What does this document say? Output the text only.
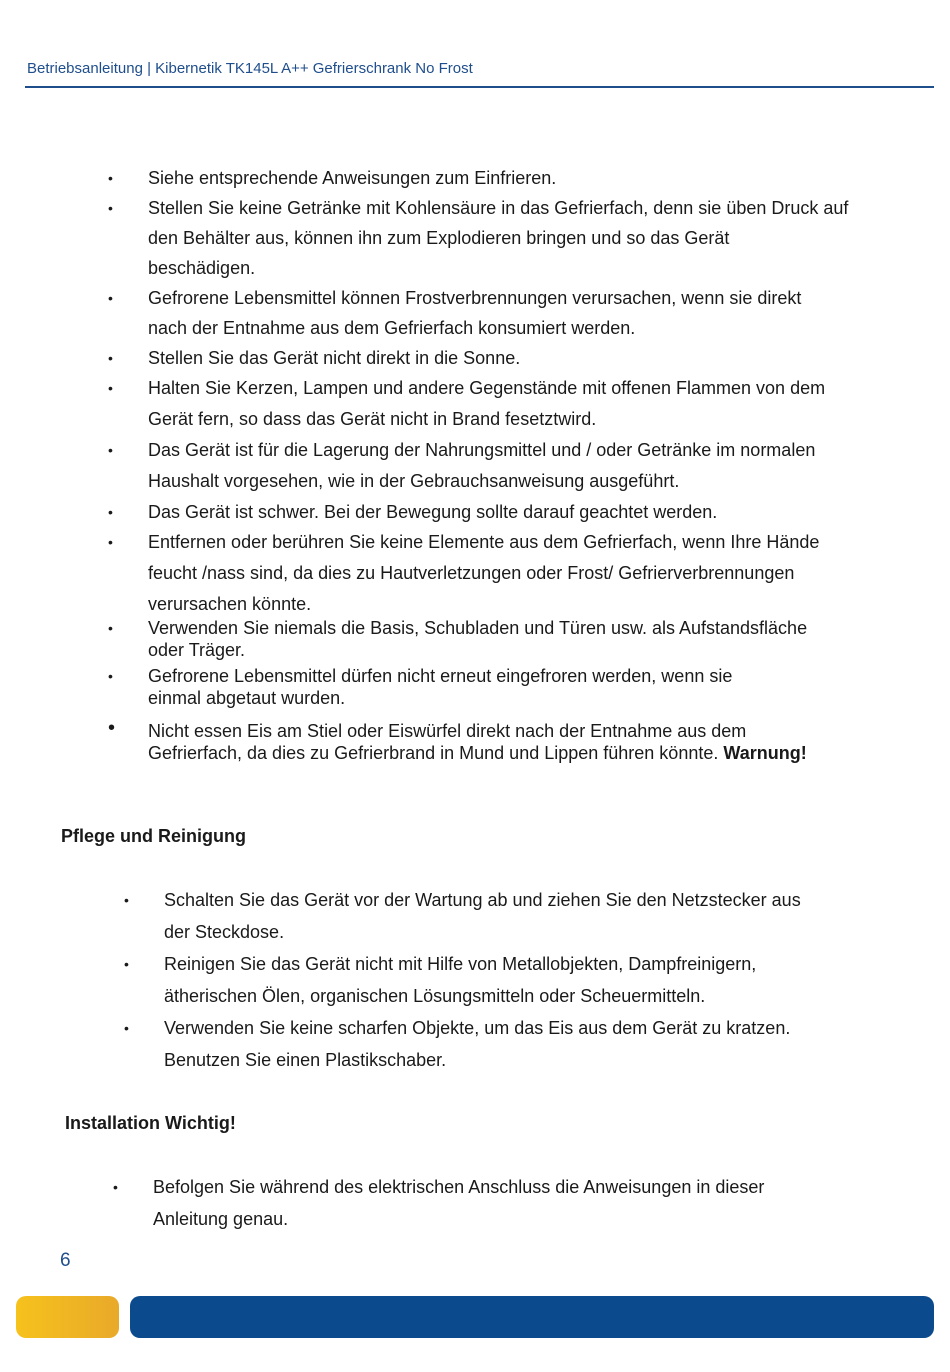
Betriebsanleitung | Kibernetik TK145L A++ Gefrierschrank No Frost
• Siehe entsprechende Anweisungen zum Einfrieren.
• Stellen Sie keine Getränke mit Kohlensäure in das Gefrierfach, denn sie üben Druck auf
den Behälter aus, können ihn zum Explodieren bringen und so das Gerät
beschädigen.
• Gefrorene Lebensmittel können Frostverbrennungen verursachen, wenn sie direkt
nach der Entnahme aus dem Gefrierfach konsumiert werden.
• Stellen Sie das Gerät nicht direkt in die Sonne.
• Halten Sie Kerzen, Lampen und andere Gegenstände mit offenen Flammen von dem
Gerät fern, so dass das Gerät nicht in Brand fesetztwird.
• Das Gerät ist für die Lagerung der Nahrungsmittel und / oder Getränke im normalen
Haushalt vorgesehen, wie in der Gebrauchsanweisung ausgeführt.
• Das Gerät ist schwer. Bei der Bewegung sollte darauf geachtet werden.
• Entfernen oder berühren Sie keine Elemente aus dem Gefrierfach, wenn Ihre Hände
feucht /nass sind, da dies zu Hautverletzungen oder Frost/ Gefrierverbrennungen
verursachen könnte.
• Verwenden Sie niemals die Basis, Schubladen und Türen usw. als Aufstandsfläche
oder Träger.
• Gefrorene Lebensmittel dürfen nicht erneut eingefroren werden, wenn sie
einmal abgetaut wurden.
• Nicht essen Eis am Stiel oder Eiswürfel direkt nach der Entnahme aus dem
Gefrierfach, da dies zu Gefrierbrand in Mund und Lippen führen könnte. Warnung!
Pflege und Reinigung
• Schalten Sie das Gerät vor der Wartung ab und ziehen Sie den Netzstecker aus
der Steckdose.
• Reinigen Sie das Gerät nicht mit Hilfe von Metallobjekten, Dampfreinigern,
ätherischen Ölen, organischen Lösungsmitteln oder Scheuermitteln.
• Verwenden Sie keine scharfen Objekte, um das Eis aus dem Gerät zu kratzen.
Benutzen Sie einen Plastikschaber.
Installation Wichtig!
• Befolgen Sie während des elektrischen Anschluss die Anweisungen in dieser
Anleitung genau.
6
